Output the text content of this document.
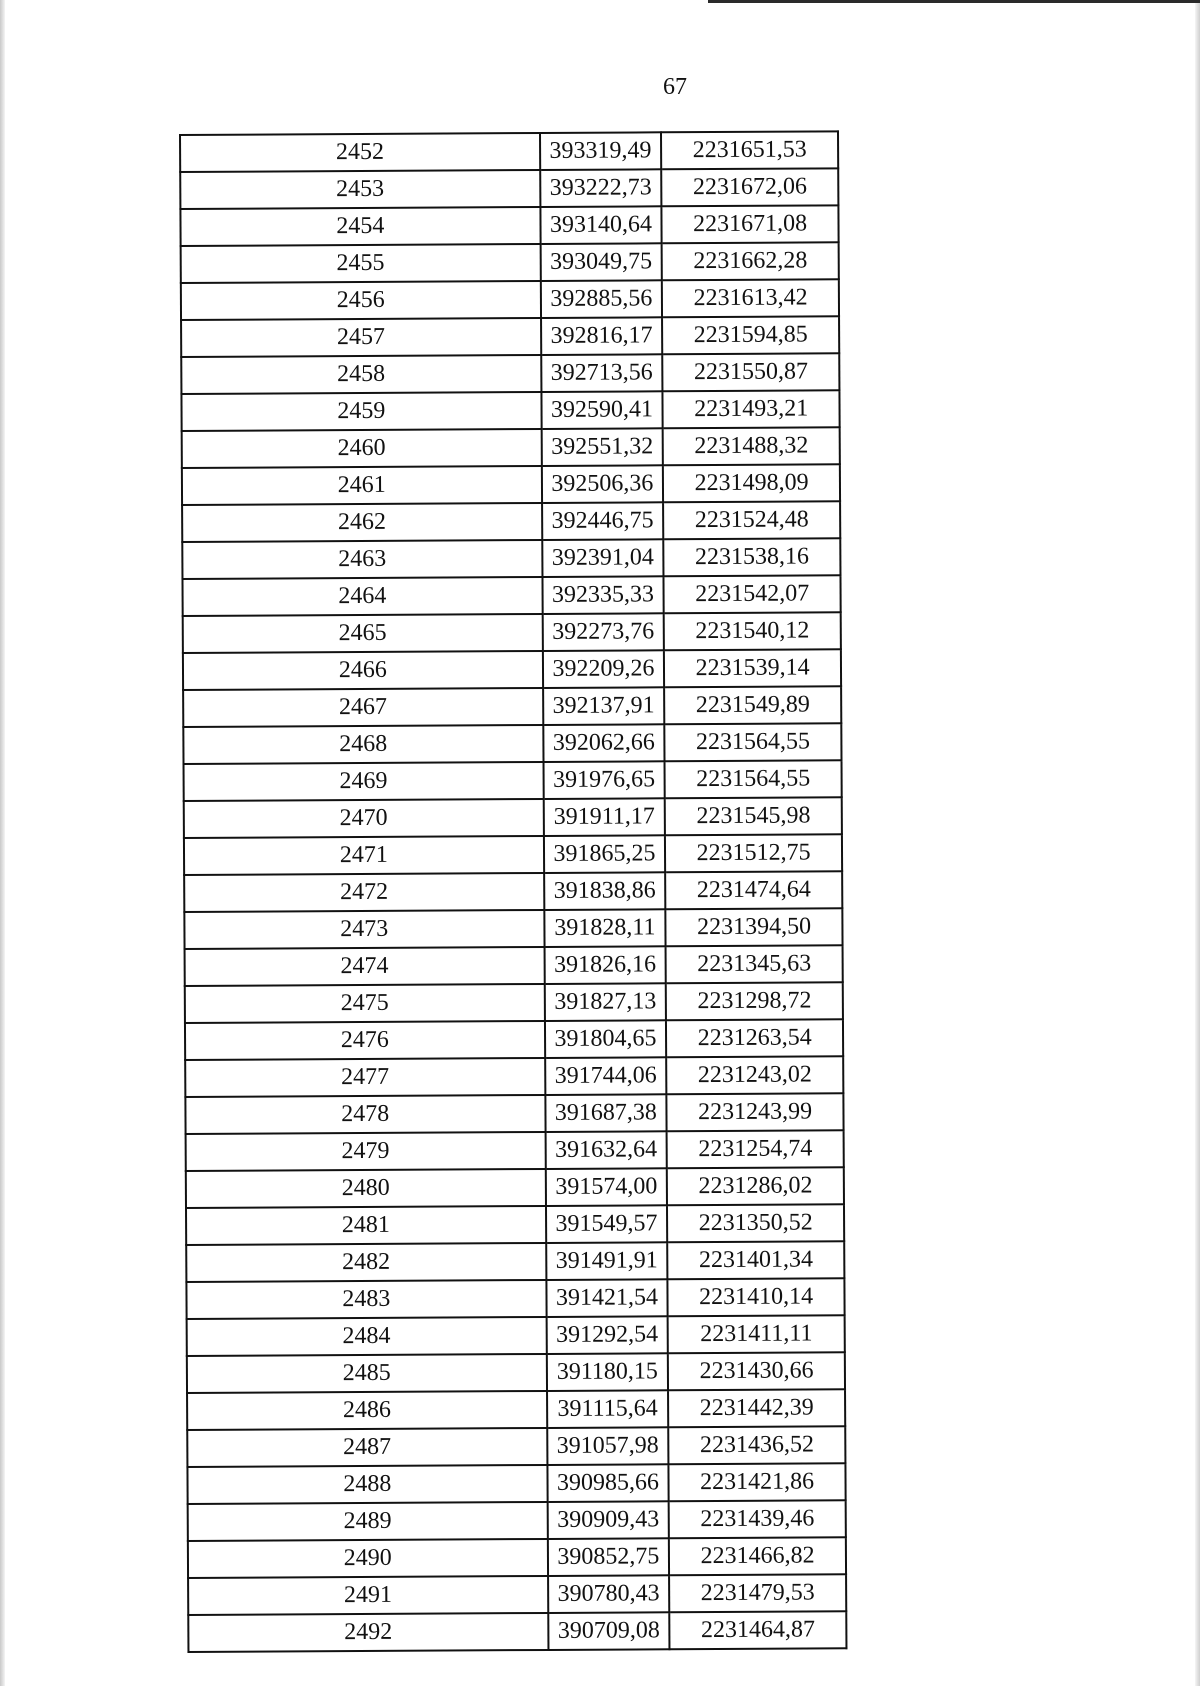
67
2452	393319,49	2231651,53
2453	393222,73	2231672,06
2454	393140,64	2231671,08
2455	393049,75	2231662,28
2456	392885,56	2231613,42
2457	392816,17	2231594,85
2458	392713,56	2231550,87
2459	392590,41	2231493,21
2460	392551,32	2231488,32
2461	392506,36	2231498,09
2462	392446,75	2231524,48
2463	392391,04	2231538,16
2464	392335,33	2231542,07
2465	392273,76	2231540,12
2466	392209,26	2231539,14
2467	392137,91	2231549,89
2468	392062,66	2231564,55
2469	391976,65	2231564,55
2470	391911,17	2231545,98
2471	391865,25	2231512,75
2472	391838,86	2231474,64
2473	391828,11	2231394,50
2474	391826,16	2231345,63
2475	391827,13	2231298,72
2476	391804,65	2231263,54
2477	391744,06	2231243,02
2478	391687,38	2231243,99
2479	391632,64	2231254,74
2480	391574,00	2231286,02
2481	391549,57	2231350,52
2482	391491,91	2231401,34
2483	391421,54	2231410,14
2484	391292,54	2231411,11
2485	391180,15	2231430,66
2486	391115,64	2231442,39
2487	391057,98	2231436,52
2488	390985,66	2231421,86
2489	390909,43	2231439,46
2490	390852,75	2231466,82
2491	390780,43	2231479,53
2492	390709,08	2231464,87
